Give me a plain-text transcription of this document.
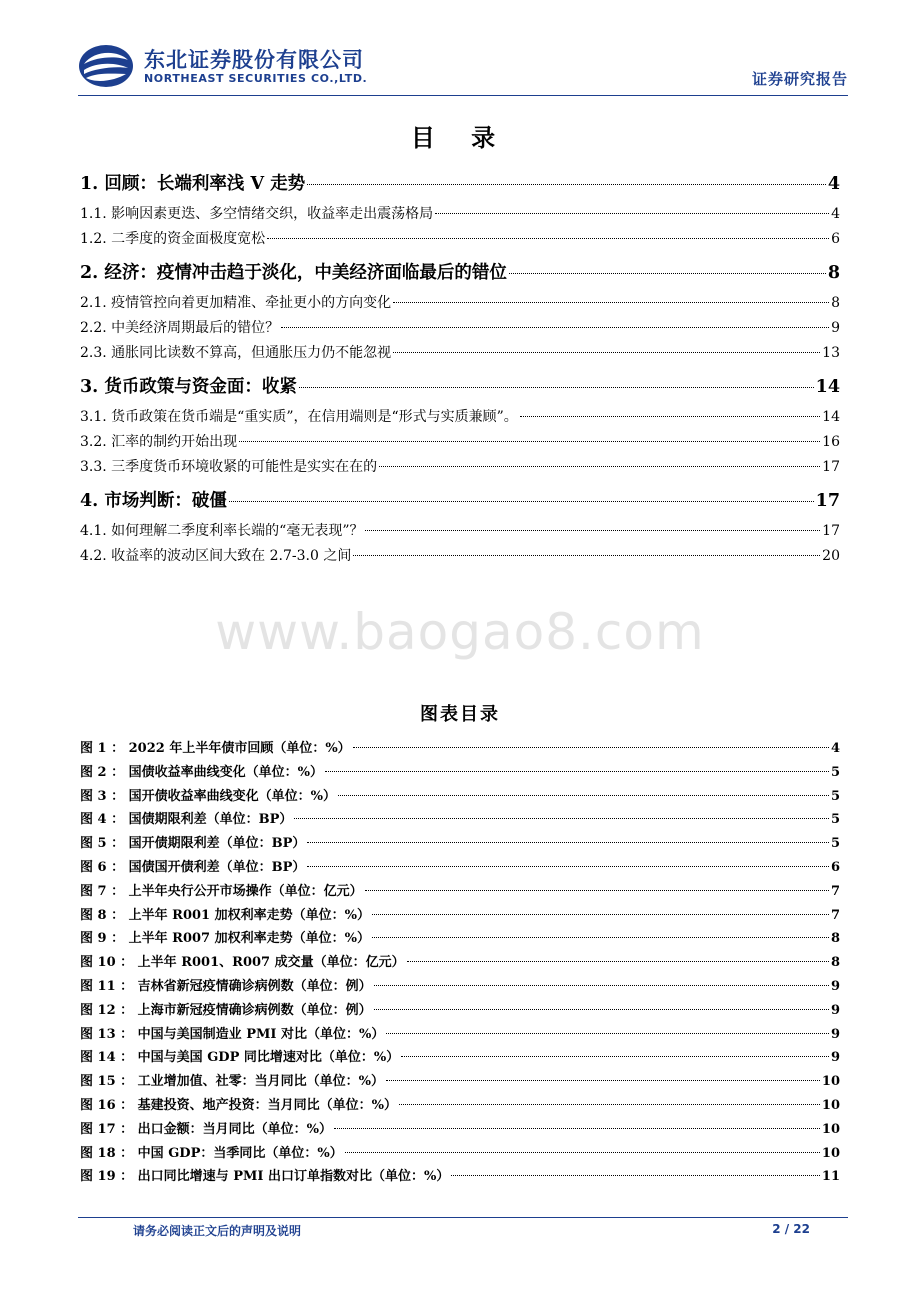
东北证券股份有限公司
NORTHEAST SECURITIES CO.,LTD.	证券研究报告
目 录
1. 回顾：长端利率浅 V 走势	4
1.1. 影响因素更迭、多空情绪交织，收益率走出震荡格局	4
1.2. 二季度的资金面极度宽松	6
2. 经济：疫情冲击趋于淡化，中美经济面临最后的错位	8
2.1. 疫情管控向着更加精准、牵扯更小的方向变化	8
2.2. 中美经济周期最后的错位？	9
2.3. 通胀同比读数不算高，但通胀压力仍不能忽视	13
3. 货币政策与资金面：收紧	14
3.1. 货币政策在货币端是“重实质”，在信用端则是“形式与实质兼顾”。	14
3.2. 汇率的制约开始出现	16
3.3. 三季度货币环境收紧的可能性是实实在在的	17
4. 市场判断：破僵	17
4.1. 如何理解二季度利率长端的“毫无表现”？	17
4.2. 收益率的波动区间大致在 2.7-3.0 之间	20
www.baogao8.com
图表目录
图 1 ： 2022 年上半年债市回顾（单位：%）	4
图 2 ： 国债收益率曲线变化（单位：%）	5
图 3 ： 国开债收益率曲线变化（单位：%）	5
图 4 ： 国债期限利差（单位：BP）	5
图 5 ： 国开债期限利差（单位：BP）	5
图 6 ： 国债国开债利差（单位：BP）	6
图 7 ： 上半年央行公开市场操作（单位：亿元）	7
图 8 ： 上半年 R001 加权利率走势（单位：%）	7
图 9 ： 上半年 R007 加权利率走势（单位：%）	8
图 10 ： 上半年 R001、R007 成交量（单位：亿元）	8
图 11 ： 吉林省新冠疫情确诊病例数（单位：例）	9
图 12 ： 上海市新冠疫情确诊病例数（单位：例）	9
图 13 ： 中国与美国制造业 PMI 对比（单位：%）	9
图 14 ： 中国与美国 GDP 同比增速对比（单位：%）	9
图 15 ： 工业增加值、社零：当月同比（单位：%）	10
图 16 ： 基建投资、地产投资：当月同比（单位：%）	10
图 17 ： 出口金额：当月同比（单位：%）	10
图 18 ： 中国 GDP：当季同比（单位：%）	10
图 19 ： 出口同比增速与 PMI 出口订单指数对比（单位：%）	11
请务必阅读正文后的声明及说明	2 / 22
